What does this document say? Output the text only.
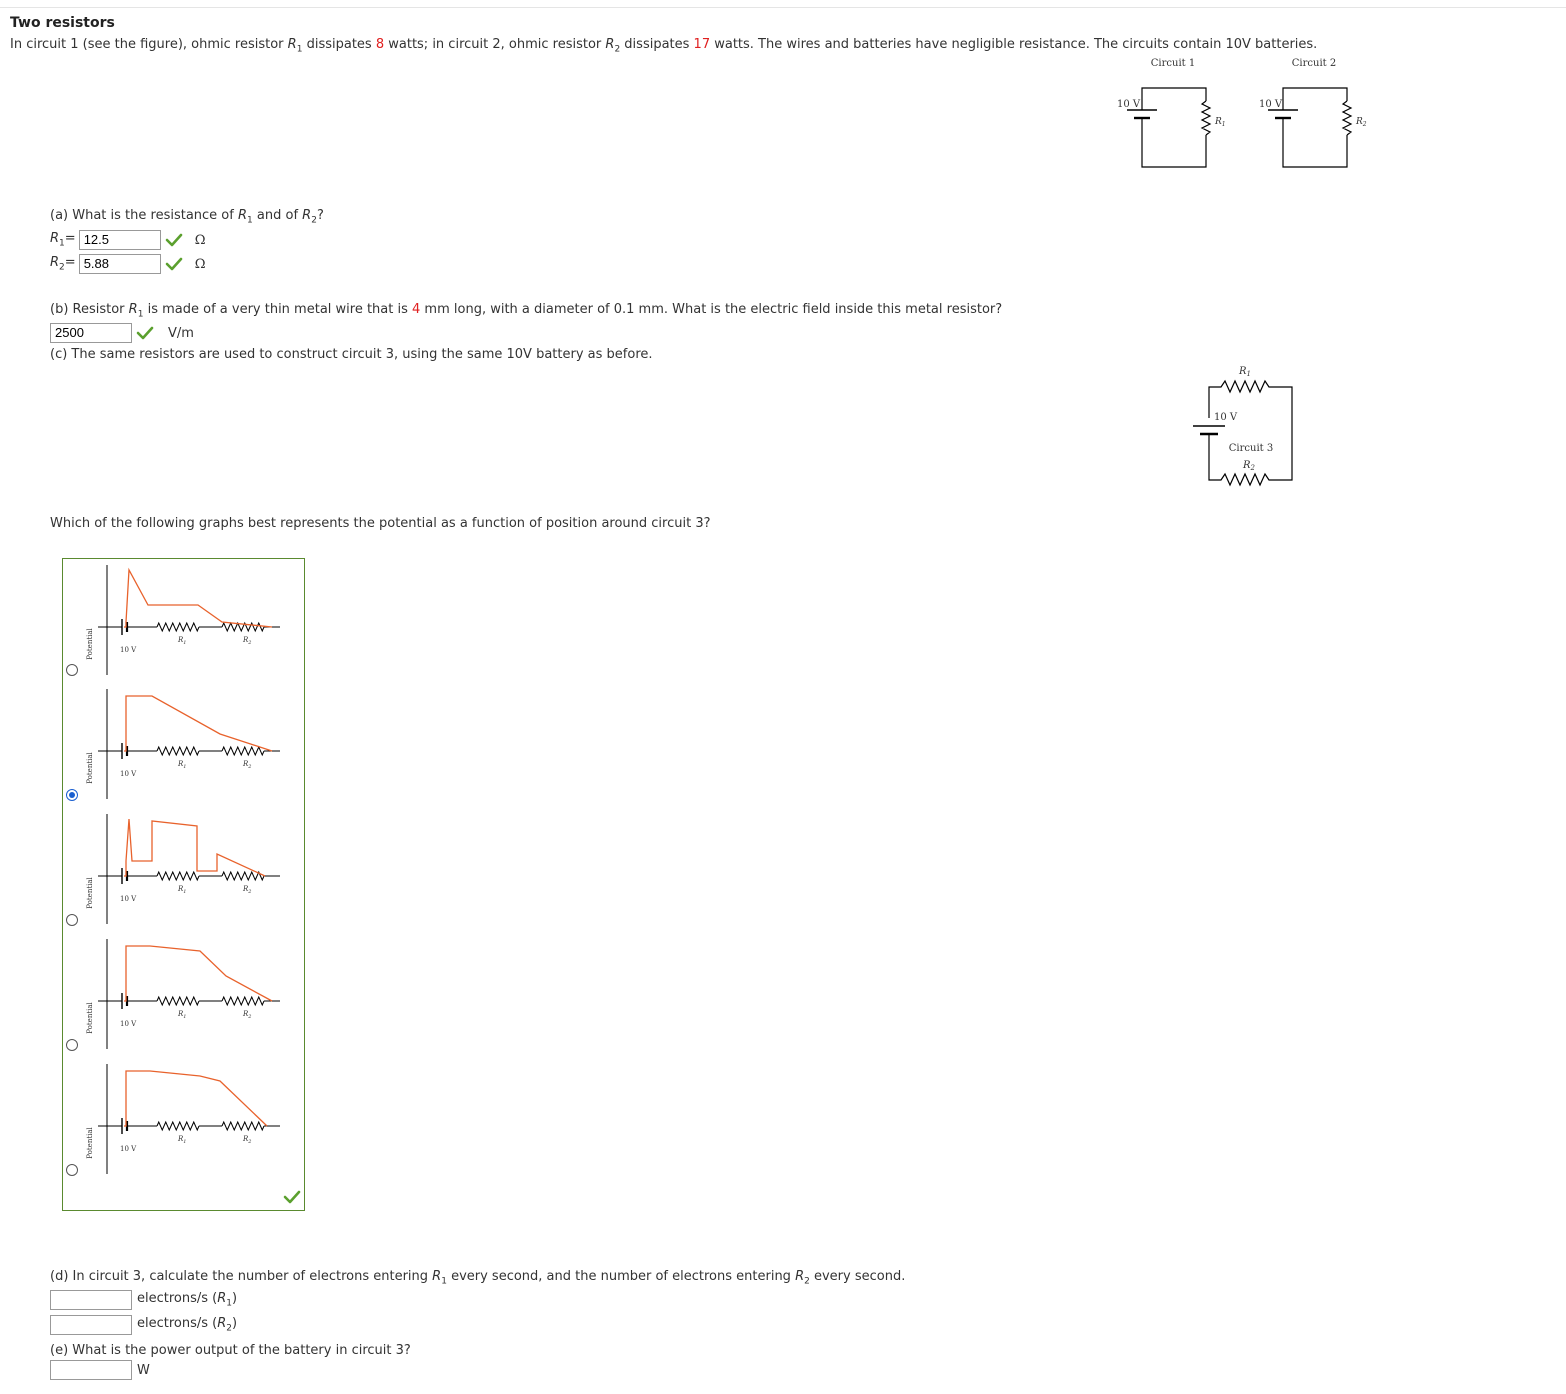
Two resistors
In circuit 1 (see the figure), ohmic resistor $R_1$ dissipates 8 watts; in circuit 2, ohmic resistor $R_2$ dissipates 17 watts. The wires and batteries have negligible resistance. The circuits contain 10V batteries.
Circuit 1	Circuit 2
10 V
$R_1$
10 V
$R_2$
(a) What is the resistance of $R_1$ and of $R_2$?
$R_1= 12.5$	Ω
$R_2= 5.88$	Ω
(b) Resistor $R_1$ is made of a very thin metal wire that is 4 mm long, with a diameter of 0.1 mm. What is the electric field inside this metal resistor?
2500	V/m
(c) The same resistors are used to construct circuit 3, using the same 10V battery as before.
$R_1$
10 V
Circuit 3
$R_2$
Which of the following graphs best represents the potential as a function of position around circuit 3?
Potential	10 V
$R_1$	$R_2$
Potential	10 V
$R_1$	$R_2$
Potential	10 V
$R_1$	$R_2$
Potential	10 V
$R_1$	$R_2$
Potential	10 V
$R_1$	$R_2$
(d) In circuit 3, calculate the number of electrons entering $R_1$ every second, and the number of electrons entering $R_2$ every second.
electrons/s $(R_1)$
electrons/s $(R_2)$
(e) What is the power output of the battery in circuit 3?
W
